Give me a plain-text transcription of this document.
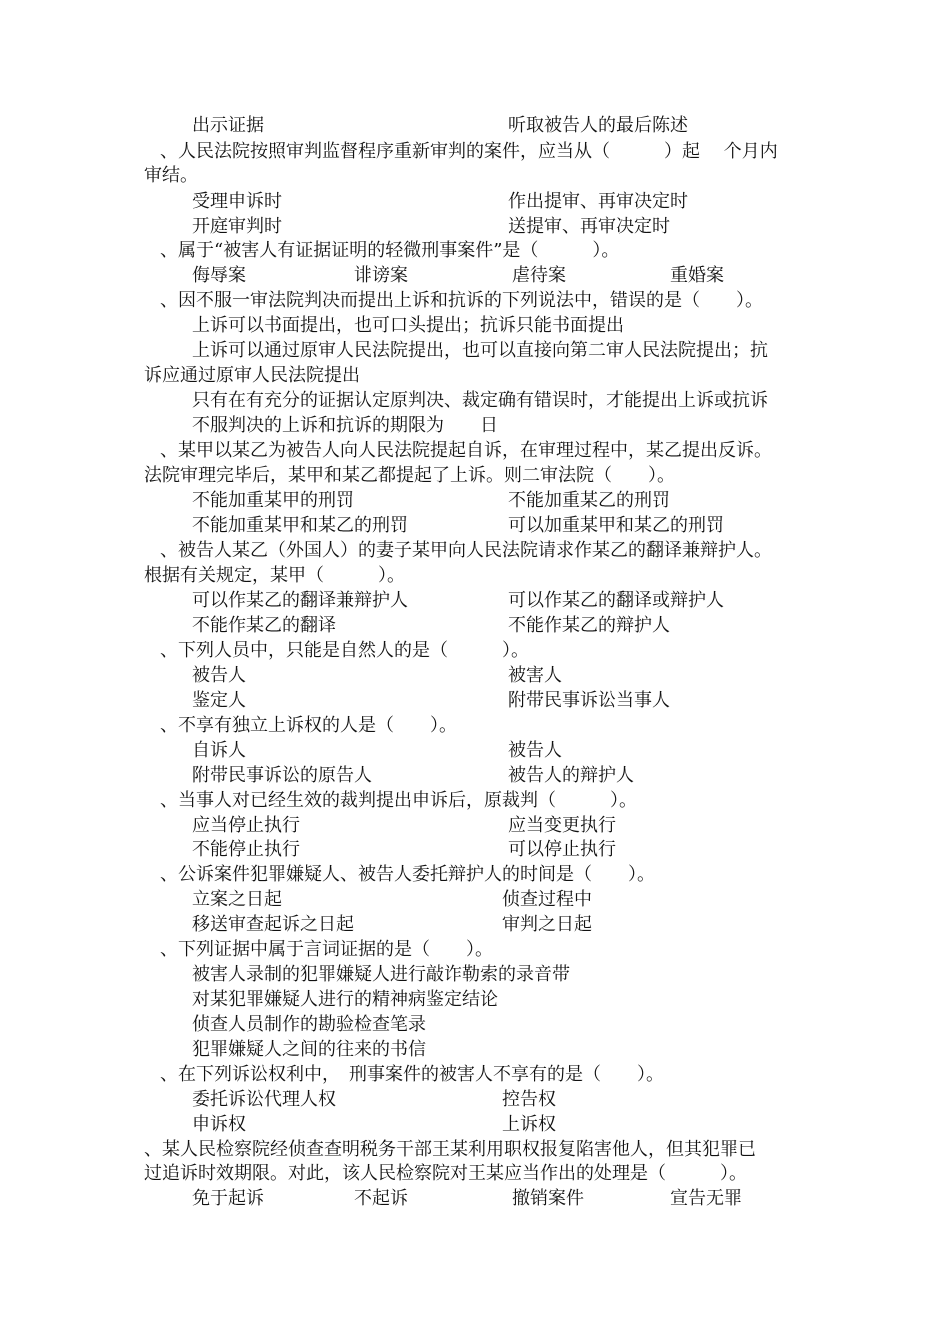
出示证据	听取被告人的最后陈述
、人民法院按照审判监督程序重新审判的案件，应当从（　　　）起　 个月内
审结。
受理申诉时	作出提审、再审决定时
开庭审判时	送提审、再审决定时
、属于“被害人有证据证明的轻微刑事案件”是（　　　）。
侮辱案	诽谤案	虐待案	重婚案
、因不服一审法院判决而提出上诉和抗诉的下列说法中，错误的是（　　）。
上诉可以书面提出，也可口头提出；抗诉只能书面提出
上诉可以通过原审人民法院提出，也可以直接向第二审人民法院提出；抗
诉应通过原审人民法院提出
只有在有充分的证据认定原判决、裁定确有错误时，才能提出上诉或抗诉
不服判决的上诉和抗诉的期限为　　日
、某甲以某乙为被告人向人民法院提起自诉，在审理过程中，某乙提出反诉。
法院审理完毕后，某甲和某乙都提起了上诉。则二审法院（　　）。
不能加重某甲的刑罚	不能加重某乙的刑罚
不能加重某甲和某乙的刑罚	可以加重某甲和某乙的刑罚
、被告人某乙（外国人）的妻子某甲向人民法院请求作某乙的翻译兼辩护人。
根据有关规定，某甲（　　　）。
可以作某乙的翻译兼辩护人	可以作某乙的翻译或辩护人
不能作某乙的翻译	不能作某乙的辩护人
、下列人员中，只能是自然人的是（　　　）。
被告人	被害人
鉴定人	附带民事诉讼当事人
、不享有独立上诉权的人是（　　）。
自诉人	被告人
附带民事诉讼的原告人	被告人的辩护人
、当事人对已经生效的裁判提出申诉后，原裁判（　　　）。
应当停止执行	应当变更执行
不能停止执行	可以停止执行
、公诉案件犯罪嫌疑人、被告人委托辩护人的时间是（　　）。
立案之日起	侦查过程中
移送审查起诉之日起	审判之日起
、下列证据中属于言词证据的是（　　）。
被害人录制的犯罪嫌疑人进行敲诈勒索的录音带
对某犯罪嫌疑人进行的精神病鉴定结论
侦查人员制作的勘验检查笔录
犯罪嫌疑人之间的往来的书信
、在下列诉讼权利中，　刑事案件的被害人不享有的是（　　）。
委托诉讼代理人权	控告权
申诉权	上诉权
、某人民检察院经侦查查明税务干部王某利用职权报复陷害他人，但其犯罪已
过追诉时效期限。对此，该人民检察院对王某应当作出的处理是（　　　）。
免于起诉	不起诉	撤销案件	宣告无罪
